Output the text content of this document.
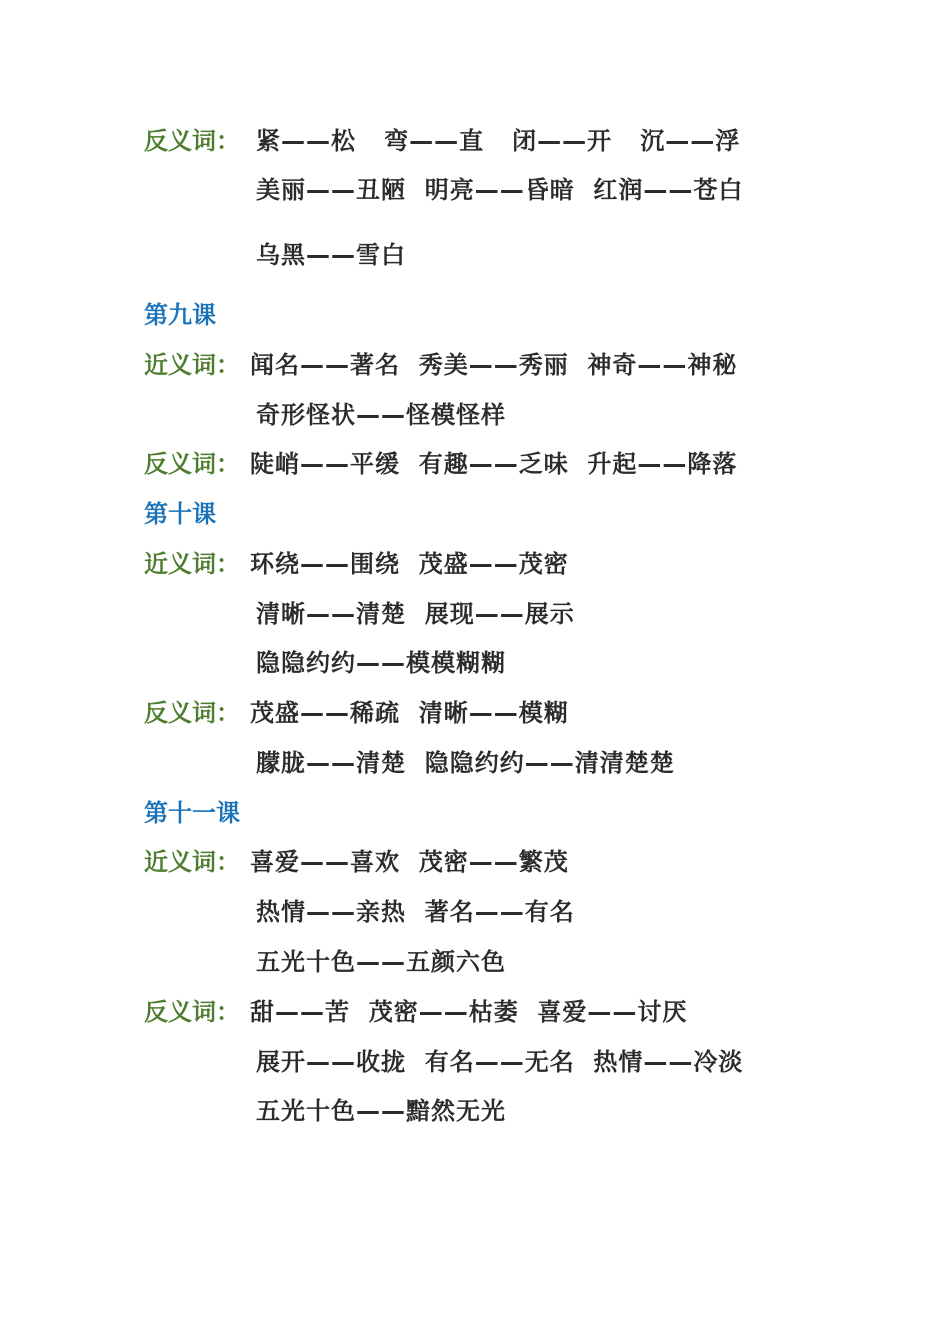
反义词： 紧——松   弯——直   闭——开   沉——浮
美丽——丑陋  明亮——昏暗  红润——苍白
乌黑——雪白
第九课
近义词： 闻名——著名  秀美——秀丽  神奇——神秘
奇形怪状——怪模怪样
反义词： 陡峭——平缓  有趣——乏味  升起——降落
第十课
近义词： 环绕——围绕  茂盛——茂密
清晰——清楚  展现——展示
隐隐约约——模模糊糊
反义词： 茂盛——稀疏  清晰——模糊
朦胧——清楚  隐隐约约——清清楚楚
第十一课
近义词： 喜爱——喜欢  茂密——繁茂
热情——亲热  著名——有名
五光十色——五颜六色
反义词： 甜——苦  茂密——枯萎  喜爱——讨厌
展开——收拢  有名——无名  热情——冷淡
五光十色——黯然无光
